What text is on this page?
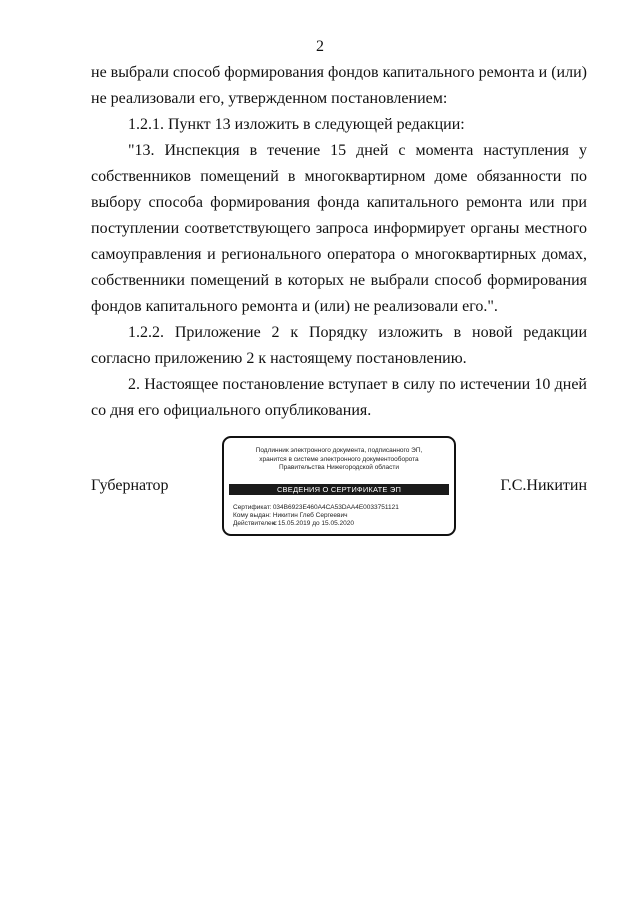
2

не выбрали способ формирования фондов капитального ремонта и (или) не реализовали его, утвержденном постановлением:

1.2.1. Пункт 13 изложить в следующей редакции:

"13. Инспекция в течение 15 дней с момента наступления у собственников помещений в многоквартирном доме обязанности по выбору способа формирования фонда капитального ремонта или при поступлении соответствующего запроса информирует органы местного самоуправления и регионального оператора о многоквартирных домах, собственники помещений в которых не выбрали способ формирования фондов капитального ремонта и (или) не реализовали его.".

1.2.2. Приложение 2 к Порядку изложить в новой редакции согласно приложению 2 к настоящему постановлению.

2. Настоящее постановление вступает в силу по истечении 10 дней со дня его официального опубликования.

Губернатор
Подлинник электронного документа, подписанного ЭП,
хранится в системе электронного документооборота
Правительства Нижегородской области
СВЕДЕНИЯ О СЕРТИФИКАТЕ ЭП
Сертификат: 034B6923E460A4CA53DAA4E0033751121
Кому выдан: Никитин Глеб Сергеевич
Действителен: с 15.05.2019 до 15.05.2020
Г.С.Никитин
